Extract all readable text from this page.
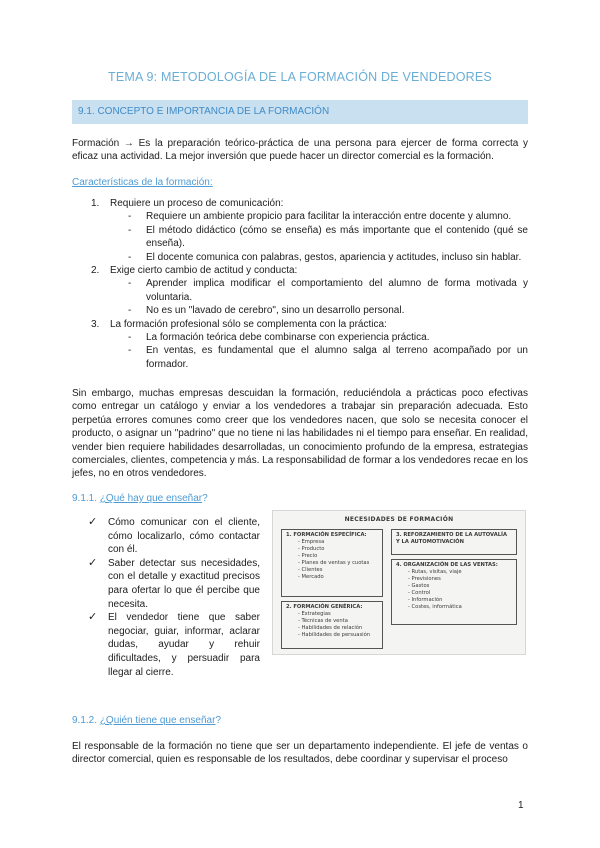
TEMA 9: METODOLOGÍA DE LA FORMACIÓN DE VENDEDORES
9.1. CONCEPTO E IMPORTANCIA DE LA FORMACIÓN

Formación → Es la preparación teórico-práctica de una persona para ejercer de forma correcta y eficaz una actividad. La mejor inversión que puede hacer un director comercial es la formación.

Características de la formación:
1. Requiere un proceso de comunicación:
- Requiere un ambiente propicio para facilitar la interacción entre docente y alumno.
- El método didáctico (cómo se enseña) es más importante que el contenido (qué se enseña).
- El docente comunica con palabras, gestos, apariencia y actitudes, incluso sin hablar.
2. Exige cierto cambio de actitud y conducta:
- Aprender implica modificar el comportamiento del alumno de forma motivada y voluntaria.
- No es un "lavado de cerebro", sino un desarrollo personal.
3. La formación profesional sólo se complementa con la práctica:
- La formación teórica debe combinarse con experiencia práctica.
- En ventas, es fundamental que el alumno salga al terreno acompañado por un formador.

Sin embargo, muchas empresas descuidan la formación, reduciéndola a prácticas poco efectivas como entregar un catálogo y enviar a los vendedores a trabajar sin preparación adecuada. Esto perpetúa errores comunes como creer que los vendedores nacen, que solo se necesita conocer el producto, o asignar un "padrino" que no tiene ni las habilidades ni el tiempo para enseñar. En realidad, vender bien requiere habilidades desarrolladas, un conocimiento profundo de la empresa, estrategias comerciales, clientes, competencia y más. La responsabilidad de formar a los vendedores recae en los jefes, no en otros vendedores.

9.1.1. ¿Qué hay que enseñar?
✓ Cómo comunicar con el cliente, cómo localizarlo, cómo contactar con él.
✓ Saber detectar sus necesidades, con el detalle y exactitud precisos para ofertar lo que él percibe que necesita.
✓ El vendedor tiene que saber negociar, guiar, informar, aclarar dudas, ayudar y rehuir dificultades, y persuadir para llegar al cierre.
NECESIDADES DE FORMACIÓN
1. FORMACIÓN ESPECÍFICA:
- Empresa
- Producto
- Precio
- Planes de ventas y cuotas
- Clientes
- Mercado
2. FORMACIÓN GENÉRICA:
- Estrategias
- Técnicas de venta
- Habilidades de relación
- Habilidades de persuasión
3. REFORZAMIENTO DE LA AUTOVALÍA Y LA AUTOMOTIVACIÓN
4. ORGANIZACIÓN DE LAS VENTAS:
- Rutas, visitas, viaje
- Previsiones
- Gastos
- Control
- Información
- Costes, informática
9.1.2. ¿Quién tiene que enseñar?

El responsable de la formación no tiene que ser un departamento independiente. El jefe de ventas o director comercial, quien es responsable de los resultados, debe coordinar y supervisar el proceso

1
